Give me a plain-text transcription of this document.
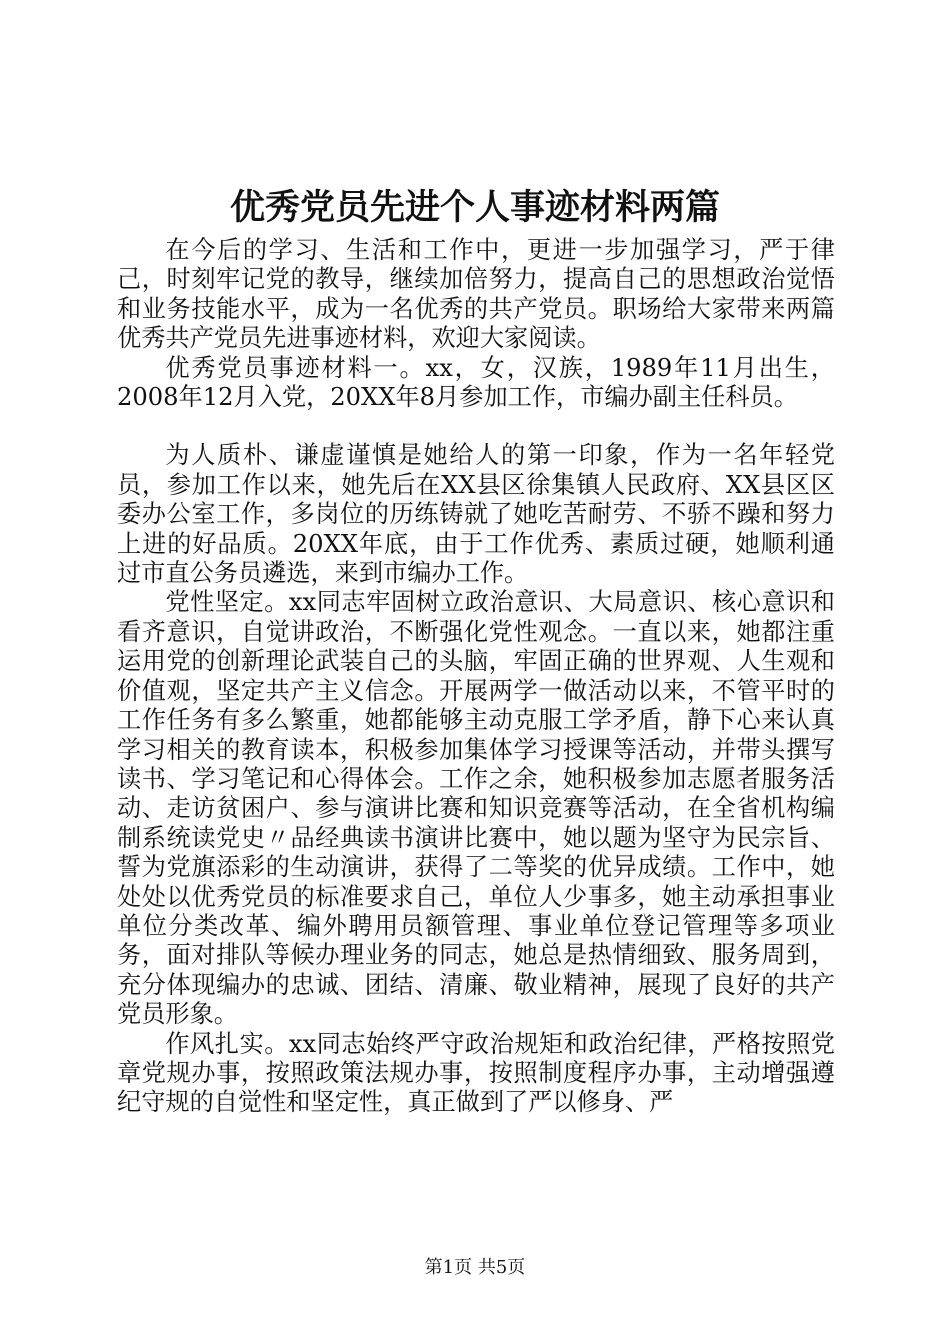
优秀党员先进个人事迹材料两篇

在今后的学习、生活和工作中，更进一步加强学习，严于律己，时刻牢记党的教导，继续加倍努力，提高自己的思想政治觉悟和业务技能水平，成为一名优秀的共产党员。职场给大家带来两篇优秀共产党员先进事迹材料，欢迎大家阅读。

优秀党员事迹材料一。xx，女，汉族，1989年11月出生，2008年12月入党，20XX年8月参加工作，市编办副主任科员。

为人质朴、谦虚谨慎是她给人的第一印象，作为一名年轻党员，参加工作以来，她先后在XX县区徐集镇人民政府、XX县区区委办公室工作，多岗位的历练铸就了她吃苦耐劳、不骄不躁和努力上进的好品质。20XX年底，由于工作优秀、素质过硬，她顺利通过市直公务员遴选，来到市编办工作。

党性坚定。xx同志牢固树立政治意识、大局意识、核心意识和看齐意识，自觉讲政治，不断强化党性观念。一直以来，她都注重运用党的创新理论武装自己的头脑，牢固正确的世界观、人生观和价值观，坚定共产主义信念。开展两学一做活动以来，不管平时的工作任务有多么繁重，她都能够主动克服工学矛盾，静下心来认真学习相关的教育读本，积极参加集体学习授课等活动，并带头撰写读书、学习笔记和心得体会。工作之余，她积极参加志愿者服务活动、走访贫困户、参与演讲比赛和知识竞赛等活动，在全省机构编制系统读党史〃品经典读书演讲比赛中，她以题为坚守为民宗旨、誓为党旗添彩的生动演讲，获得了二等奖的优异成绩。工作中，她处处以优秀党员的标准要求自己，单位人少事多，她主动承担事业单位分类改革、编外聘用员额管理、事业单位登记管理等多项业务，面对排队等候办理业务的同志，她总是热情细致、服务周到，充分体现编办的忠诚、团结、清廉、敬业精神，展现了良好的共产党员形象。

作风扎实。xx同志始终严守政治规矩和政治纪律，严格按照党章党规办事，按照政策法规办事，按照制度程序办事，主动增强遵纪守规的自觉性和坚定性，真正做到了严以修身、严

第1页 共5页
